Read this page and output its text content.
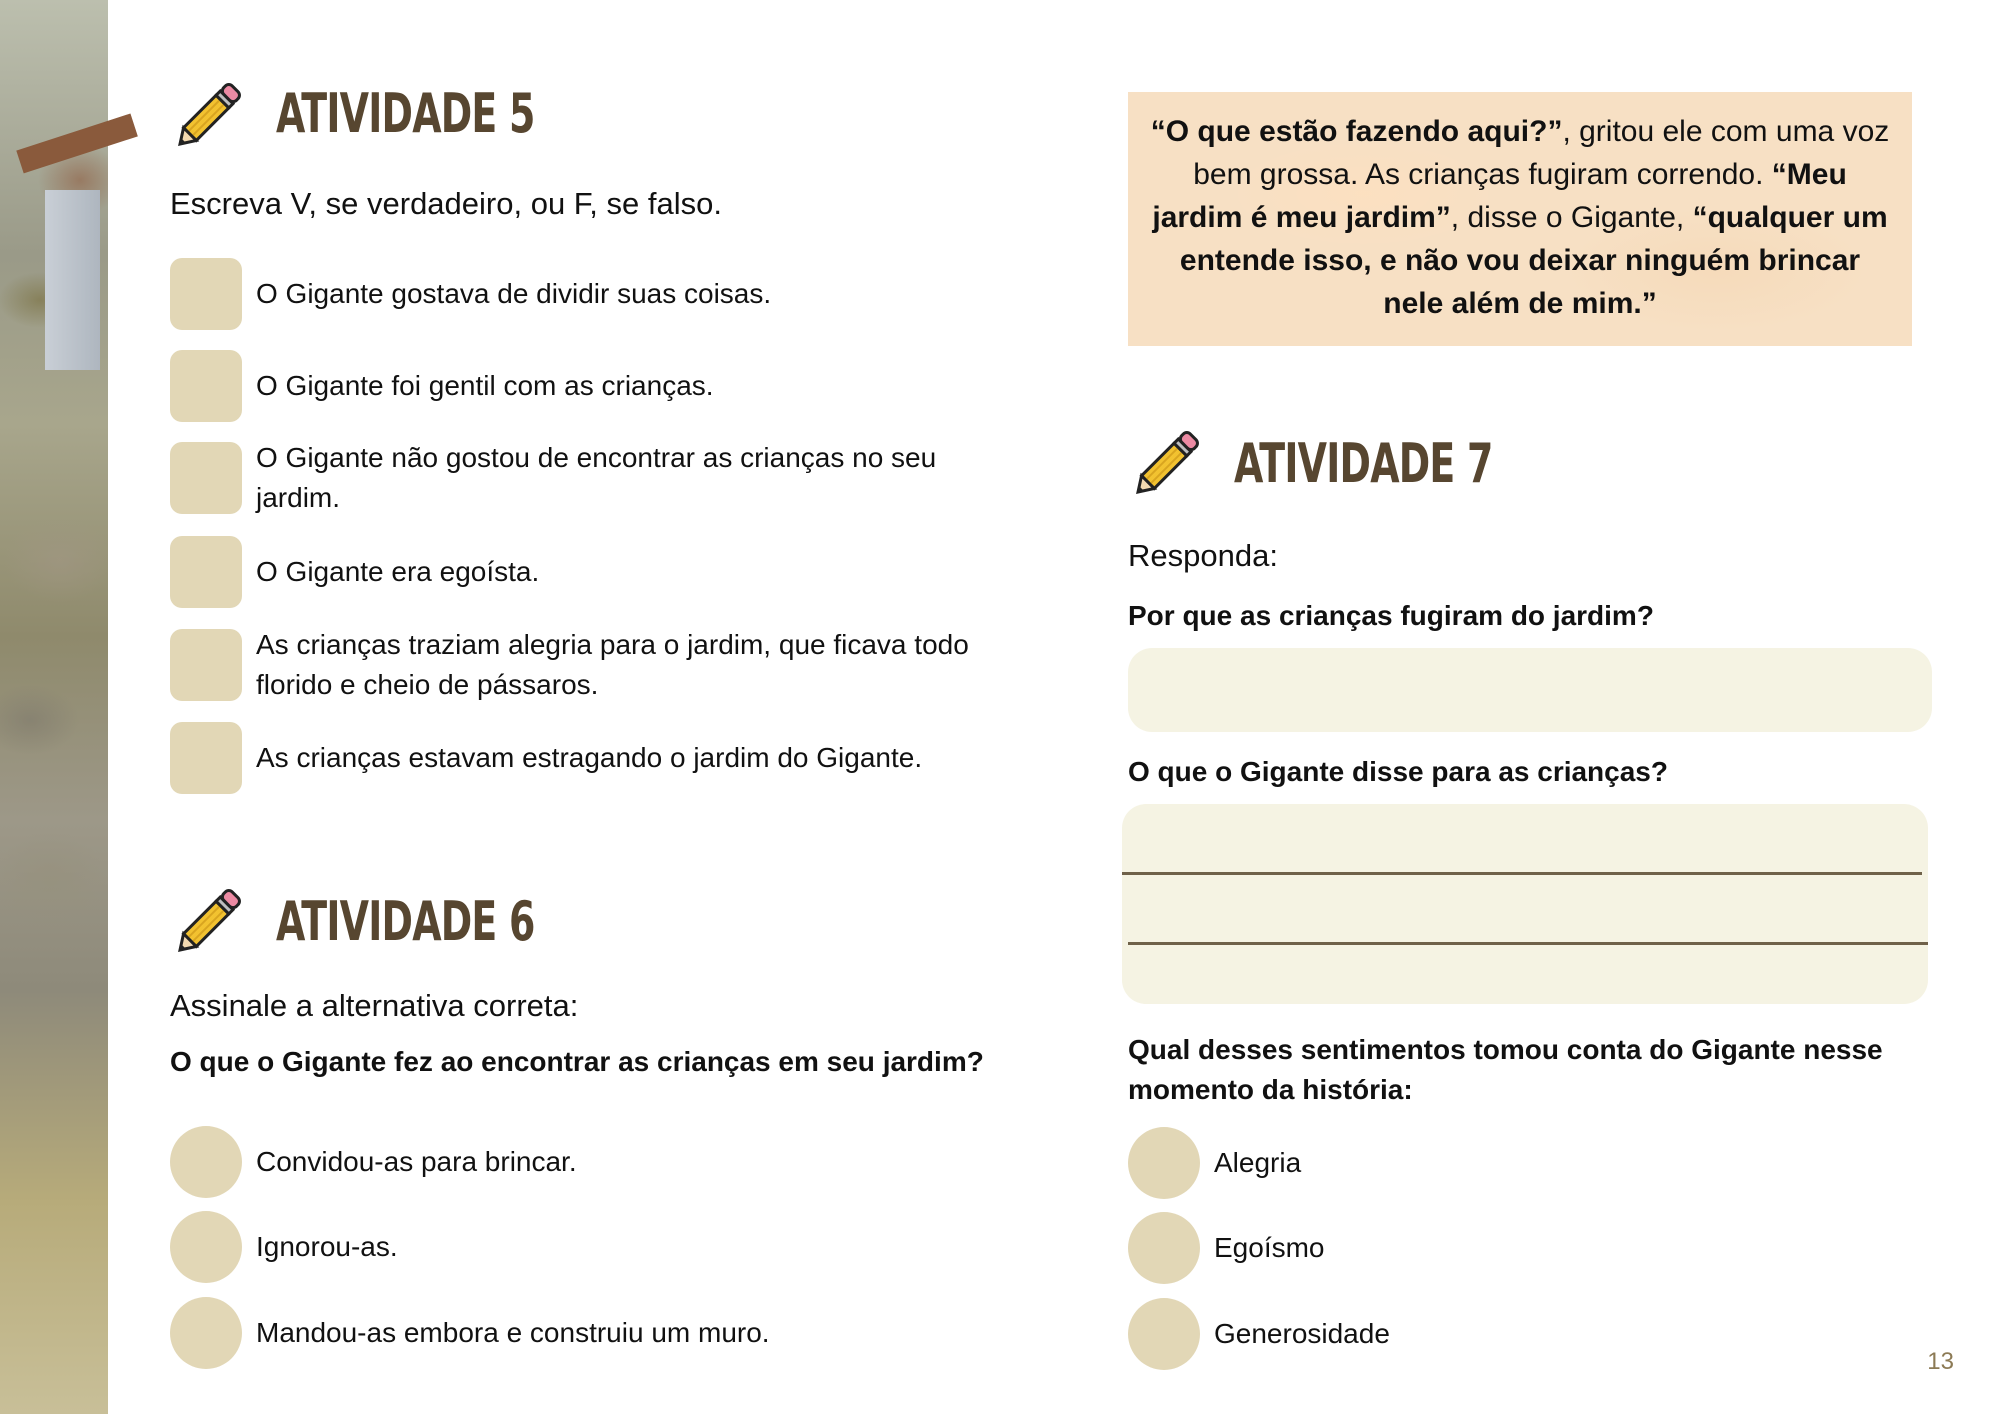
ATIVIDADE 5
Escreva V, se verdadeiro, ou F, se falso.
O Gigante gostava de dividir suas coisas.
O Gigante foi gentil com as crianças.
O Gigante não gostou de encontrar as crianças no seu jardim.
O Gigante era egoísta.
As crianças traziam alegria para o jardim, que ficava todo florido e cheio de pássaros.
As crianças estavam estragando o jardim do Gigante.
ATIVIDADE 6
Assinale a alternativa correta:
O que o Gigante fez ao encontrar as crianças em seu jardim?
Convidou-as para brincar.
Ignorou-as.
Mandou-as embora e construiu um muro.
“O que estão fazendo aqui?”, gritou ele com uma voz bem grossa. As crianças fugiram correndo. “Meu jardim é meu jardim”, disse o Gigante, “qualquer um entende isso, e não vou deixar ninguém brincar nele além de mim.”
ATIVIDADE 7
Responda:
Por que as crianças fugiram do jardim?
O que o Gigante disse para as crianças?
Qual desses sentimentos tomou conta do Gigante nesse momento da história:
Alegria
Egoísmo
Generosidade
13
